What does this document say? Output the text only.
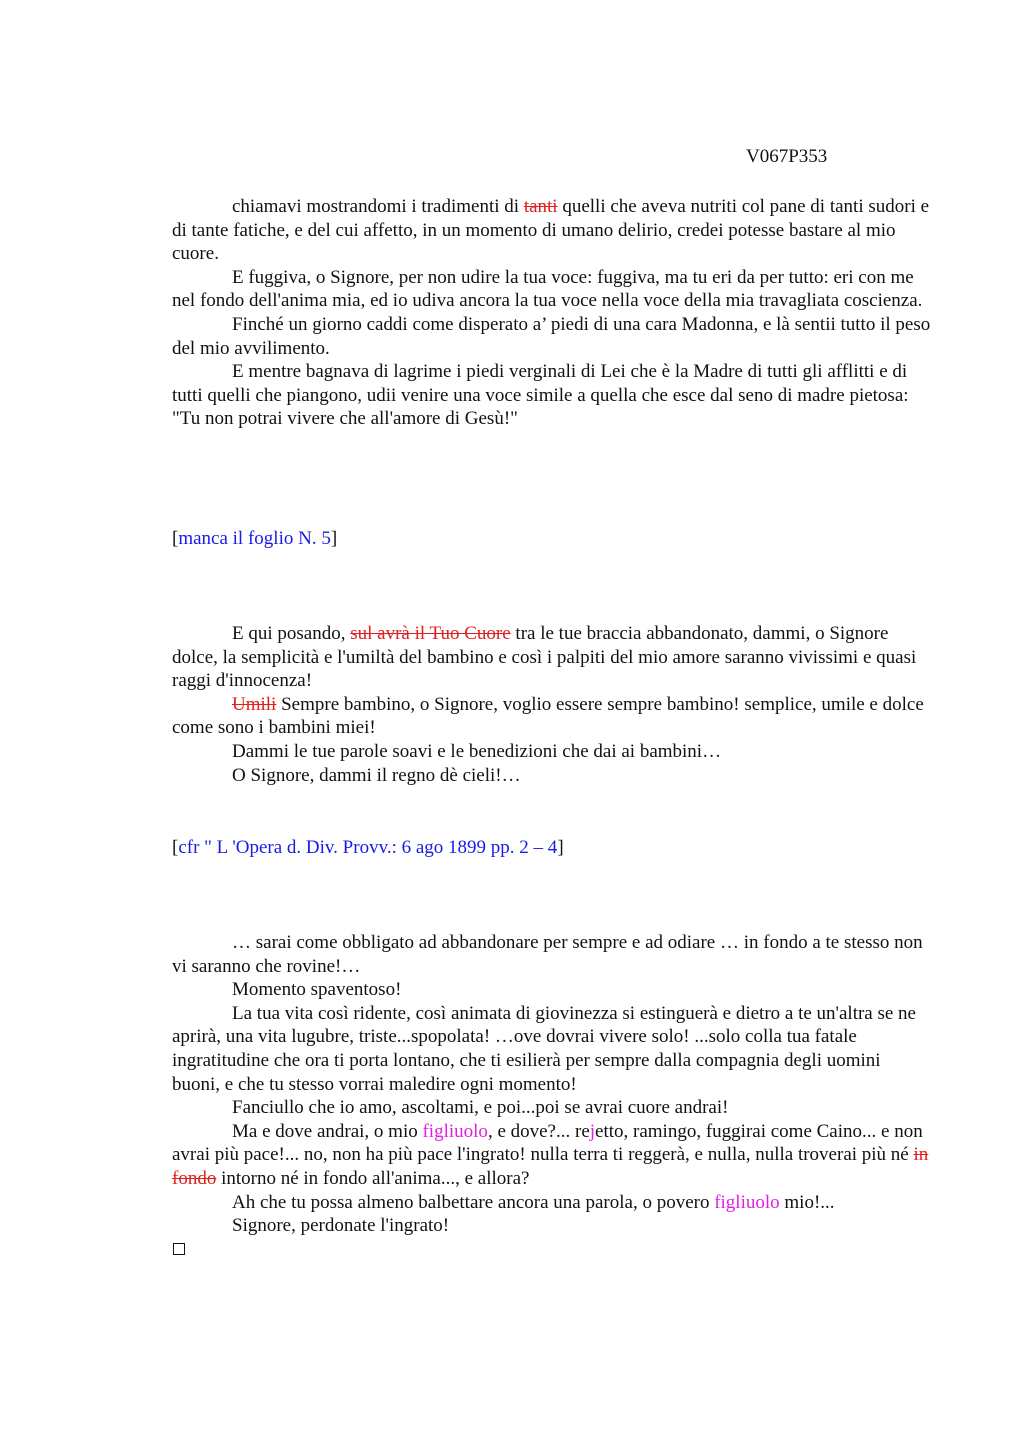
V067P353

chiamavi mostrandomi i tradimenti di tanti quelli che aveva nutriti col pane di tanti sudori e di tante fatiche, e del cui affetto, in un momento di umano delirio, credei potesse bastare al mio cuore.

E fuggiva, o Signore, per non udire la tua voce: fuggiva, ma tu eri da per tutto: eri con me nel fondo dell'anima mia, ed io udiva ancora la tua voce nella voce della mia travagliata coscienza.

Finché un giorno caddi come disperato a’ piedi di una cara Madonna, e là sentii tutto il peso del mio avvilimento.

E mentre bagnava di lagrime i piedi verginali di Lei che è la Madre di tutti gli afflitti e di tutti quelli che piangono, udii venire una voce simile a quella che esce dal seno di madre pietosa: "Tu non potrai vivere che all'amore di Gesù!"

[manca il foglio N. 5]

E qui posando, sul avrà il Tuo Cuore tra le tue braccia abbandonato, dammi, o Signore dolce, la semplicità e l'umiltà del bambino e così i palpiti del mio amore saranno vivissimi e quasi raggi d'innocenza!

Umili Sempre bambino, o Signore, voglio essere sempre bambino! semplice, umile e dolce come sono i bambini miei!

Dammi le tue parole soavi e le benedizioni che dai ai bambini…

O Signore, dammi il regno dè cieli!…

[cfr " L 'Opera d. Div. Provv.: 6 ago 1899 pp. 2 – 4]

… sarai come obbligato ad abbandonare per sempre e ad odiare … in fondo a te stesso non vi saranno che rovine!…

Momento spaventoso!

La tua vita così ridente, così animata di giovinezza si estinguerà e dietro a te un'altra se ne aprirà, una vita lugubre, triste...spopolata! …ove dovrai vivere solo! ...solo colla tua fatale ingratitudine che ora ti porta lontano, che ti esilierà per sempre dalla compagnia degli uomini buoni, e che tu stesso vorrai maledire ogni momento!

Fanciullo che io amo, ascoltami, e poi...poi se avrai cuore andrai!

Ma e dove andrai, o mio figliuolo, e dove?... rejetto, ramingo, fuggirai come Caino... e non avrai più pace!... no, non ha più pace l'ingrato! nulla terra ti reggerà, e nulla, nulla troverai più né in fondo intorno né in fondo all'anima..., e allora?

Ah che tu possa almeno balbettare ancora una parola, o povero figliuolo mio!...

Signore, perdonate l'ingrato!
